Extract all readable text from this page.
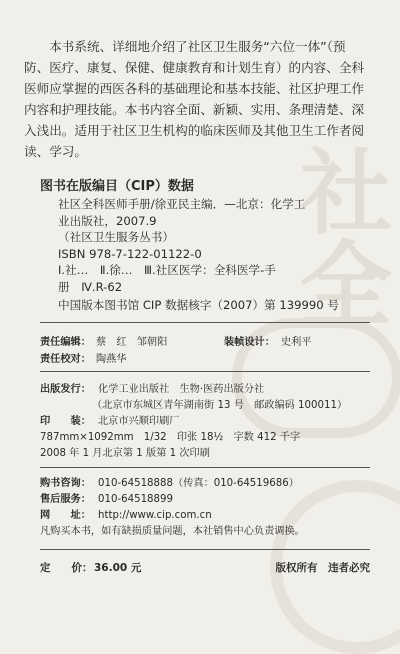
社
全

本书系统、详细地介绍了社区卫生服务“六位一体”（预

防、医疗、康复、保健、健康教育和计划生育）的内容、全科
医师应掌握的西医各科的基础理论和基本技能、社区护理工作
内容和护理技能。本书内容全面、新颖、实用、条理清楚、深
入浅出。适用于社区卫生机构的临床医师及其他卫生工作者阅
读、学习。
图书在版编目（CIP）数据
社区全科医师手册/徐亚民主编．—北京：化学工
业出版社，2007.9
（社区卫生服务丛书）
ISBN 978-7-122-01122-0
Ⅰ.社…　Ⅱ.徐…　Ⅲ.社区医学：全科医学-手
册　Ⅳ.R-62
中国版本图书馆 CIP 数据核字（2007）第 139990 号
责任编辑： 蔡　红　邹朝阳	装帧设计： 史利平
责任校对： 陶燕华
出版发行： 化学工业出版社　生物·医药出版分社
（北京市东城区青年湖南街 13 号　邮政编码 100011）
印　　装： 北京市兴顺印刷厂
787mm×1092mm　1/32　印张 18½　字数 412 千字
2008 年 1 月北京第 1 版第 1 次印刷
购书咨询： 010-64518888（传真：010-64519686）
售后服务： 010-64518899
网　　址： http://www.cip.com.cn
凡购买本书，如有缺损质量问题，本社销售中心负责调换。
定　　价： 36.00 元	版权所有　违者必究
